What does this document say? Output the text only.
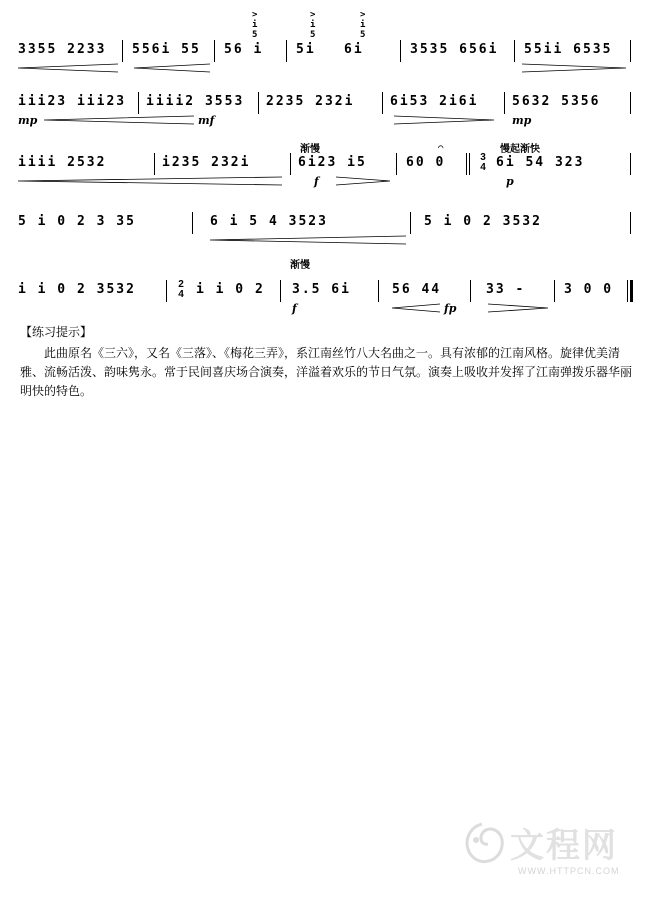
3355 2233 556i 55 56 i
>
i
5
5i
>
i
5
6i
>
i
5
3535 656i 55ii 6535
iii23 iii23 iiii2 3553 2235 232i	6i53 2i6i	5632 5356
mp	mf	mp
iiii 2532	i235 232i
渐慢
6i23 i5	60 0
⌒
3
4
慢起渐快
6i 54 323
f	p
5 i 0 2 3 35	6 i 5 4 3523	5 i 0 2 3532
i i 0 2 3532	2
4 i i 0 2
渐慢
3.5 6i	56 44	33 -	3 0 0
f	fp
【练习提示】
此曲原名《三六》，又名《三落》、《梅花三弄》，系江南丝竹八大名曲之一。具有浓郁的江南风格。旋律优美清雅、流畅活泼、韵味隽永。常于民间喜庆场合演奏，洋溢着欢乐的节日气氛。演奏上吸收并发挥了江南弹拨乐器华丽明快的特色。
文程网
WWW.HTTPCN.COM
